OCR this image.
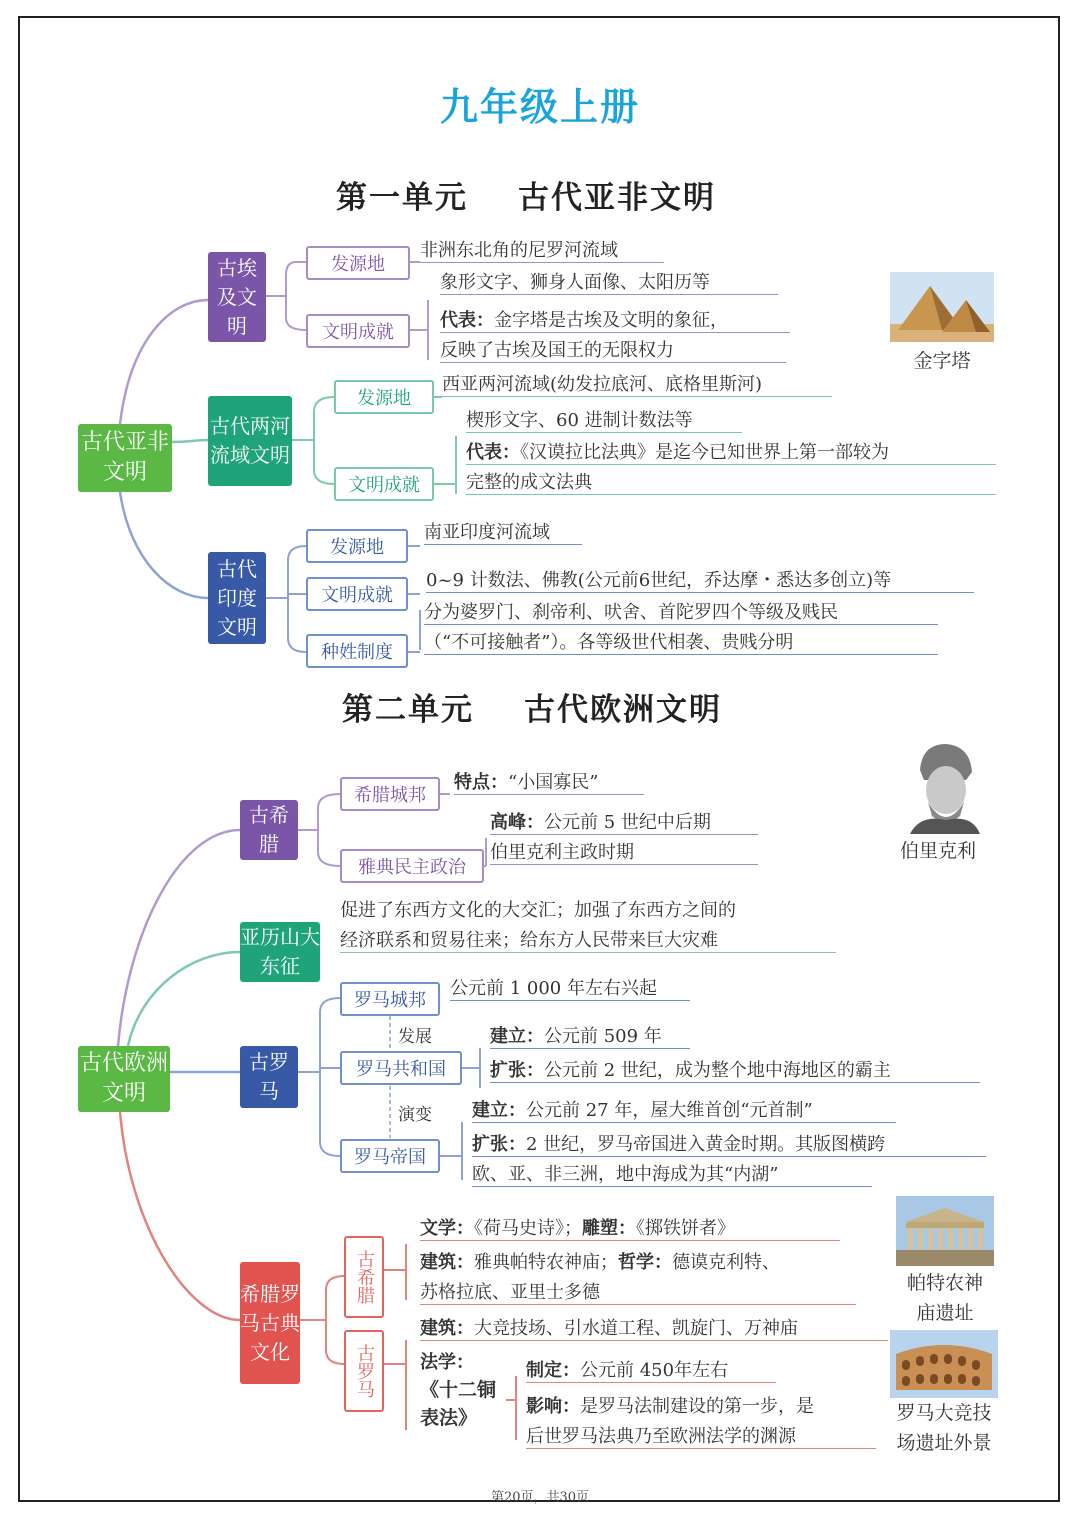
九年级上册
第一单元 古代亚非文明
古代亚非文明
古埃及文明
发源地
非洲东北角的尼罗河流域
文明成就
象形文字、狮身人面像、太阳历等
代表：金字塔是古埃及文明的象征，
反映了古埃及国王的无限权力	金字塔
古代两河流域文明
发源地
西亚两河流域(幼发拉底河、底格里斯河)
文明成就
楔形文字、60 进制计数法等
代表：《汉谟拉比法典》是迄今已知世界上第一部较为
完整的成文法典
古代印度文明
发源地
南亚印度河流域
文明成就
0~9 计数法、佛教(公元前6世纪，乔达摩・悉达多创立)等
种姓制度
分为婆罗门、刹帝利、吠舍、首陀罗四个等级及贱民
（“不可接触者”）。各等级世代相袭、贵贱分明
第二单元 古代欧洲文明
古代欧洲文明
古希腊
希腊城邦
特点：“小国寡民”
雅典民主政治
高峰：公元前 5 世纪中后期
伯里克利主政时期	伯里克利
亚历山大东征
促进了东西方文化的大交汇；加强了东西方之间的
经济联系和贸易往来；给东方人民带来巨大灾难
古罗马
罗马城邦
公元前 1 000 年左右兴起
发展
罗马共和国
建立：公元前 509 年
扩张：公元前 2 世纪，成为整个地中海地区的霸主
演变
罗马帝国
建立：公元前 27 年，屋大维首创“元首制”
扩张：2 世纪，罗马帝国进入黄金时期。其版图横跨
欧、亚、非三洲，地中海成为其“内湖”
希腊罗马古典文化
古希腊
文学：《荷马史诗》；雕塑：《掷铁饼者》
建筑：雅典帕特农神庙；哲学：德谟克利特、
苏格拉底、亚里士多德
古罗马
建筑：大竞技场、引水道工程、凯旋门、万神庙
法学：
《十二铜
表法》
制定：公元前 450年左右
影响：是罗马法制建设的第一步，是
后世罗马法典乃至欧洲法学的渊源
帕特农神
庙遗址
罗马大竞技
场遗址外景
第20页，共30页
